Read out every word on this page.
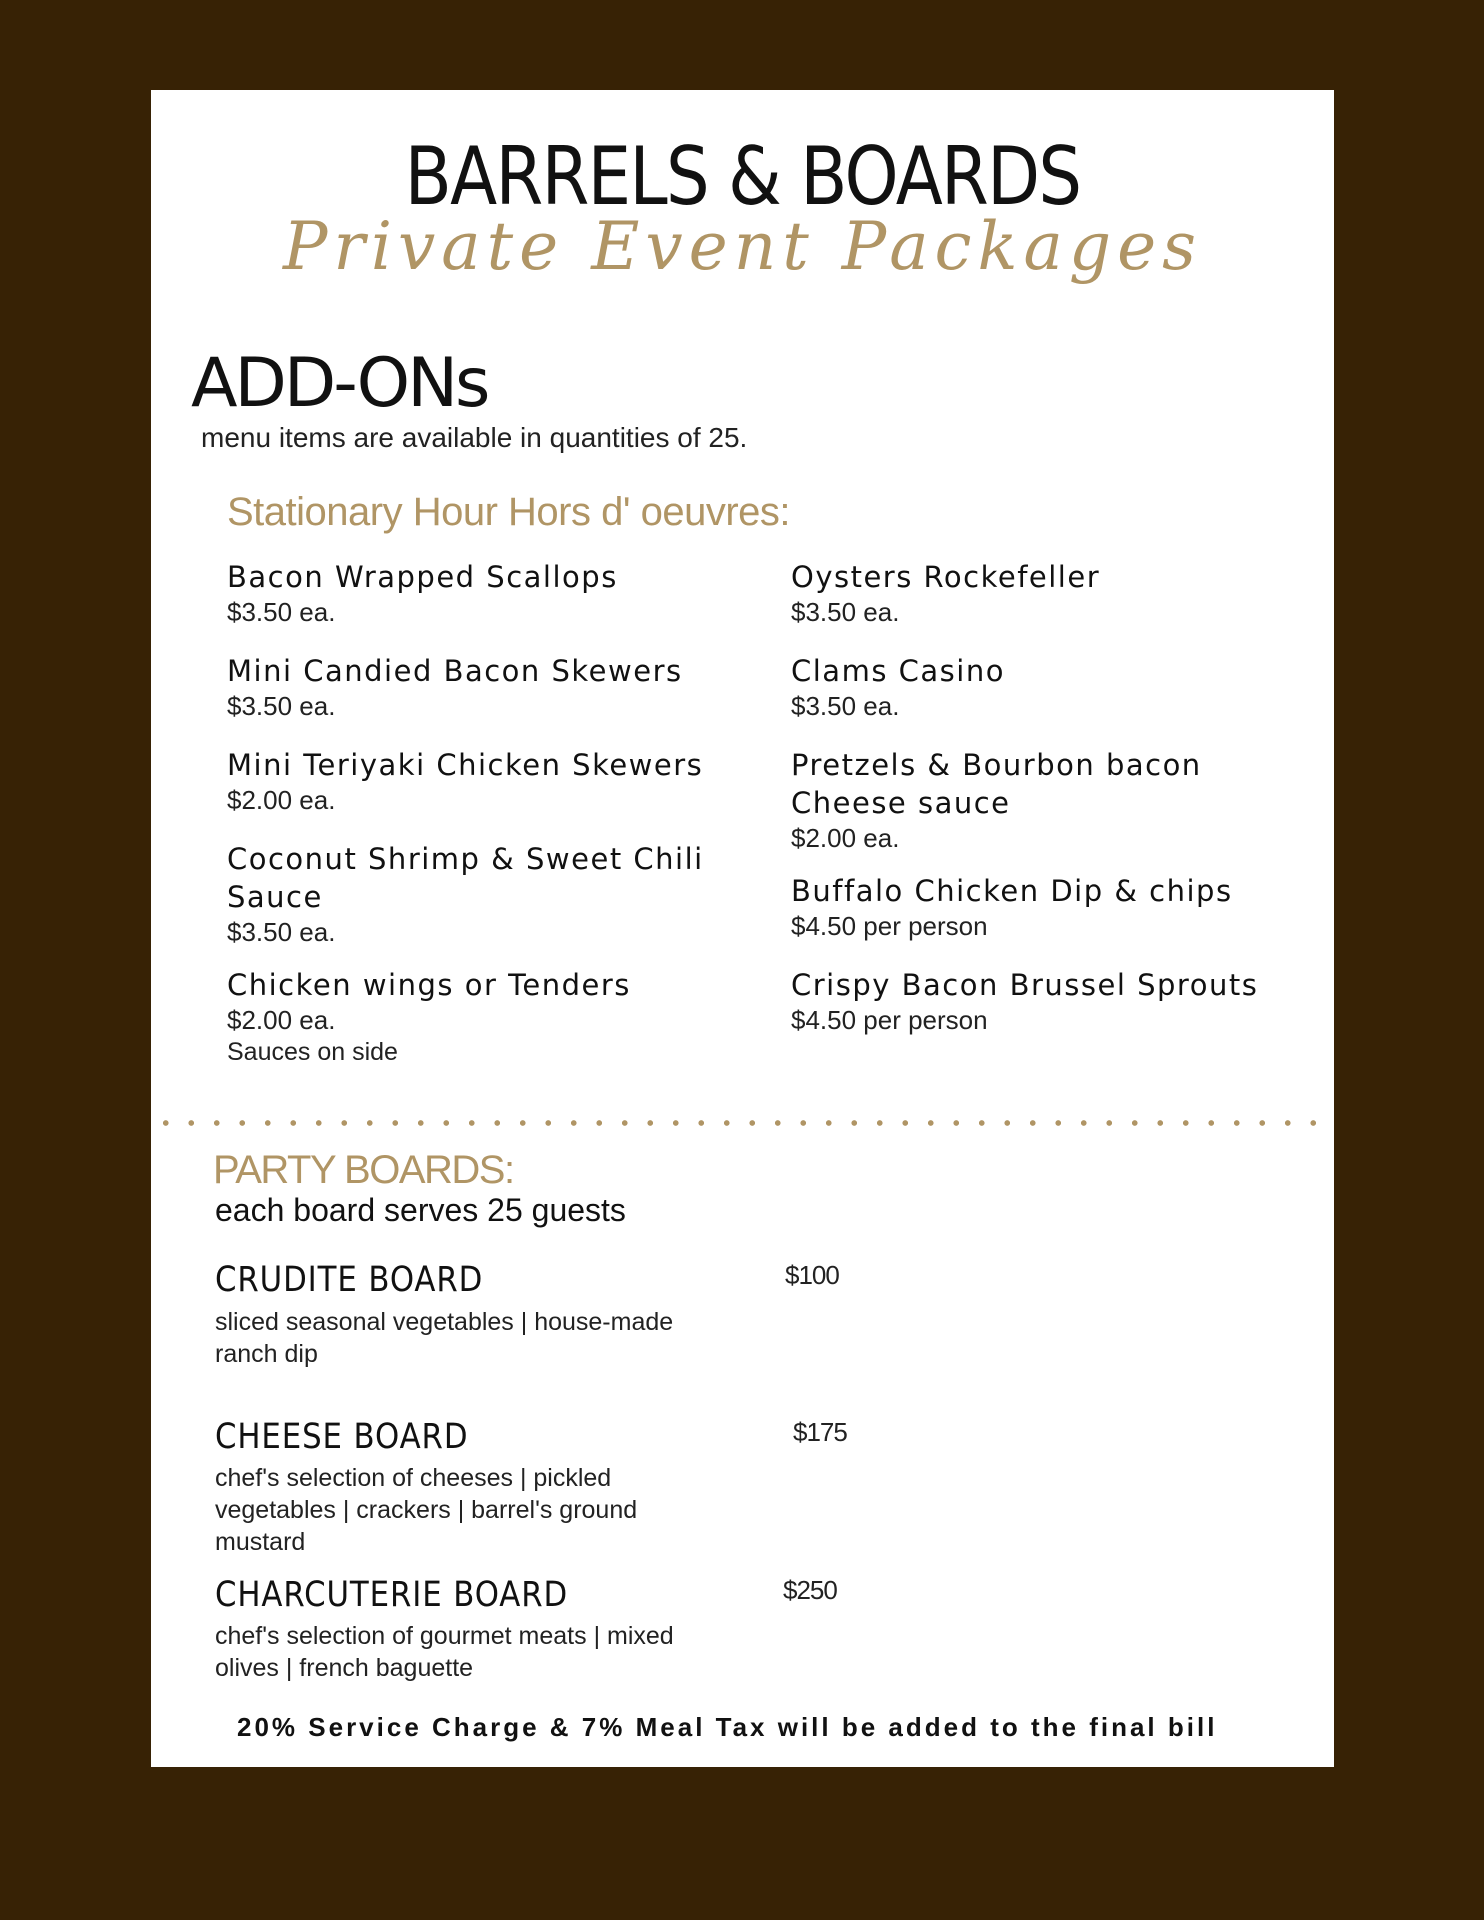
BARRELS & BOARDS
Private Event Packages
ADD-ONs
menu items are available in quantities of 25.
Stationary Hour Hors d' oeuvres:
Bacon Wrapped Scallops
$3.50 ea.
Mini Candied Bacon Skewers
$3.50 ea.
Mini Teriyaki Chicken Skewers
$2.00 ea.
Coconut Shrimp & Sweet Chili Sauce
$3.50 ea.
Chicken wings or Tenders
$2.00 ea.
Sauces on side
Oysters Rockefeller
$3.50 ea.
Clams Casino
$3.50 ea.
Pretzels & Bourbon bacon Cheese sauce
$2.00 ea.
Buffalo Chicken Dip & chips
$4.50 per person
Crispy Bacon Brussel Sprouts
$4.50 per person
PARTY BOARDS:
each board serves 25 guests
CRUDITE BOARD
sliced seasonal vegetables | house-made ranch dip
$100
CHEESE BOARD
chef's selection of cheeses | pickled vegetables | crackers | barrel's ground mustard
$175
CHARCUTERIE BOARD
chef's selection of gourmet meats | mixed olives | french baguette
$250
20% Service Charge & 7% Meal Tax will be added to the final bill
